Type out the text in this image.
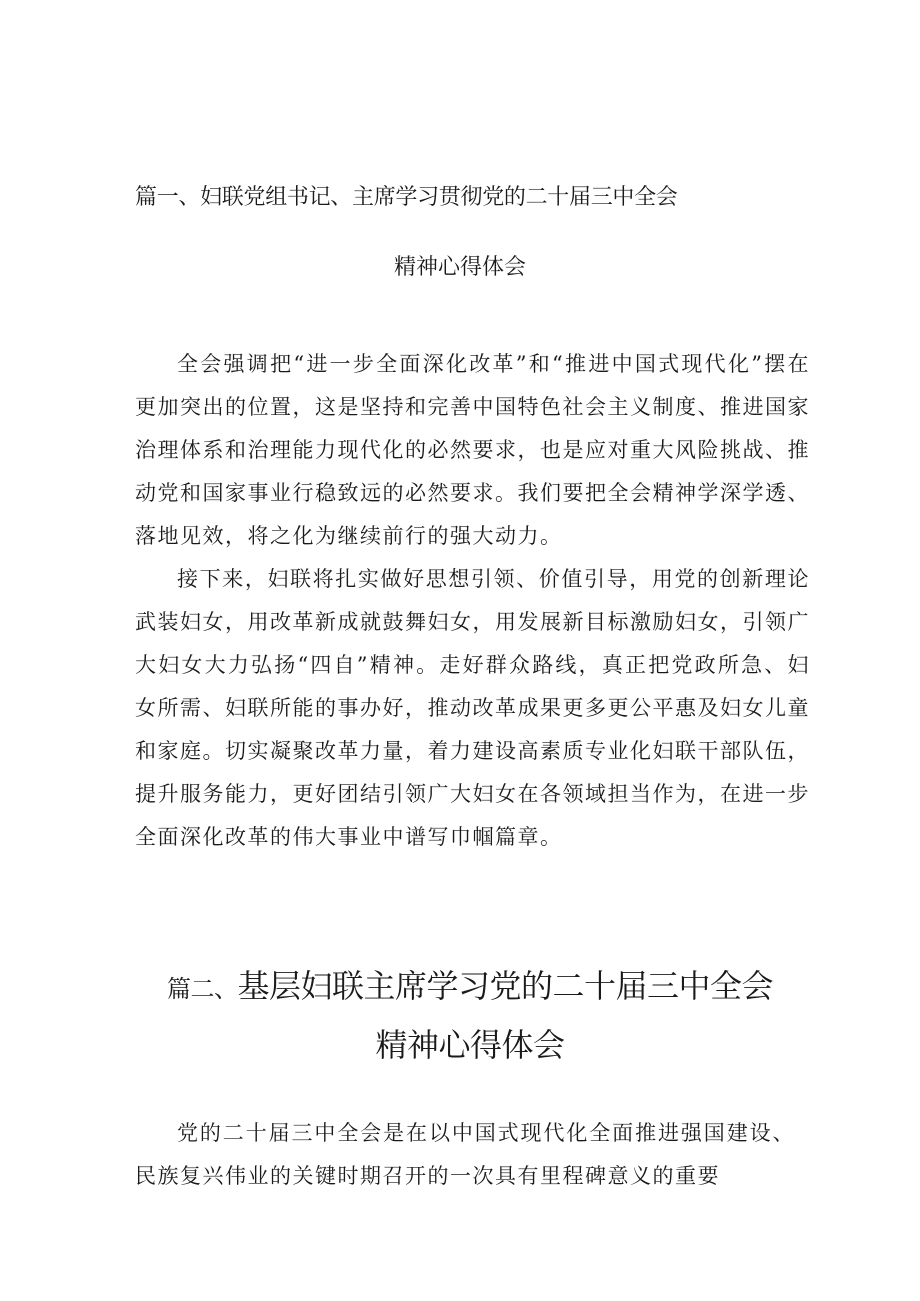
篇一、妇联党组书记、主席学习贯彻党的二十届三中全会
精神心得体会

全会强调把“进一步全面深化改革”和“推进中国式现代化”摆在更加突出的位置，这是坚持和完善中国特色社会主义制度、推进国家治理体系和治理能力现代化的必然要求，也是应对重大风险挑战、推动党和国家事业行稳致远的必然要求。我们要把全会精神学深学透、落地见效，将之化为继续前行的强大动力。

接下来，妇联将扎实做好思想引领、价值引导，用党的创新理论武装妇女，用改革新成就鼓舞妇女，用发展新目标激励妇女，引领广大妇女大力弘扬“四自”精神。走好群众路线，真正把党政所急、妇女所需、妇联所能的事办好，推动改革成果更多更公平惠及妇女儿童和家庭。切实凝聚改革力量，着力建设高素质专业化妇联干部队伍，提升服务能力，更好团结引领广大妇女在各领域担当作为，在进一步全面深化改革的伟大事业中谱写巾帼篇章。

篇二、基层妇联主席学习党的二十届三中全会精神心得体会

党的二十届三中全会是在以中国式现代化全面推进强国建设、民族复兴伟业的关键时期召开的一次具有里程碑意义的重要
